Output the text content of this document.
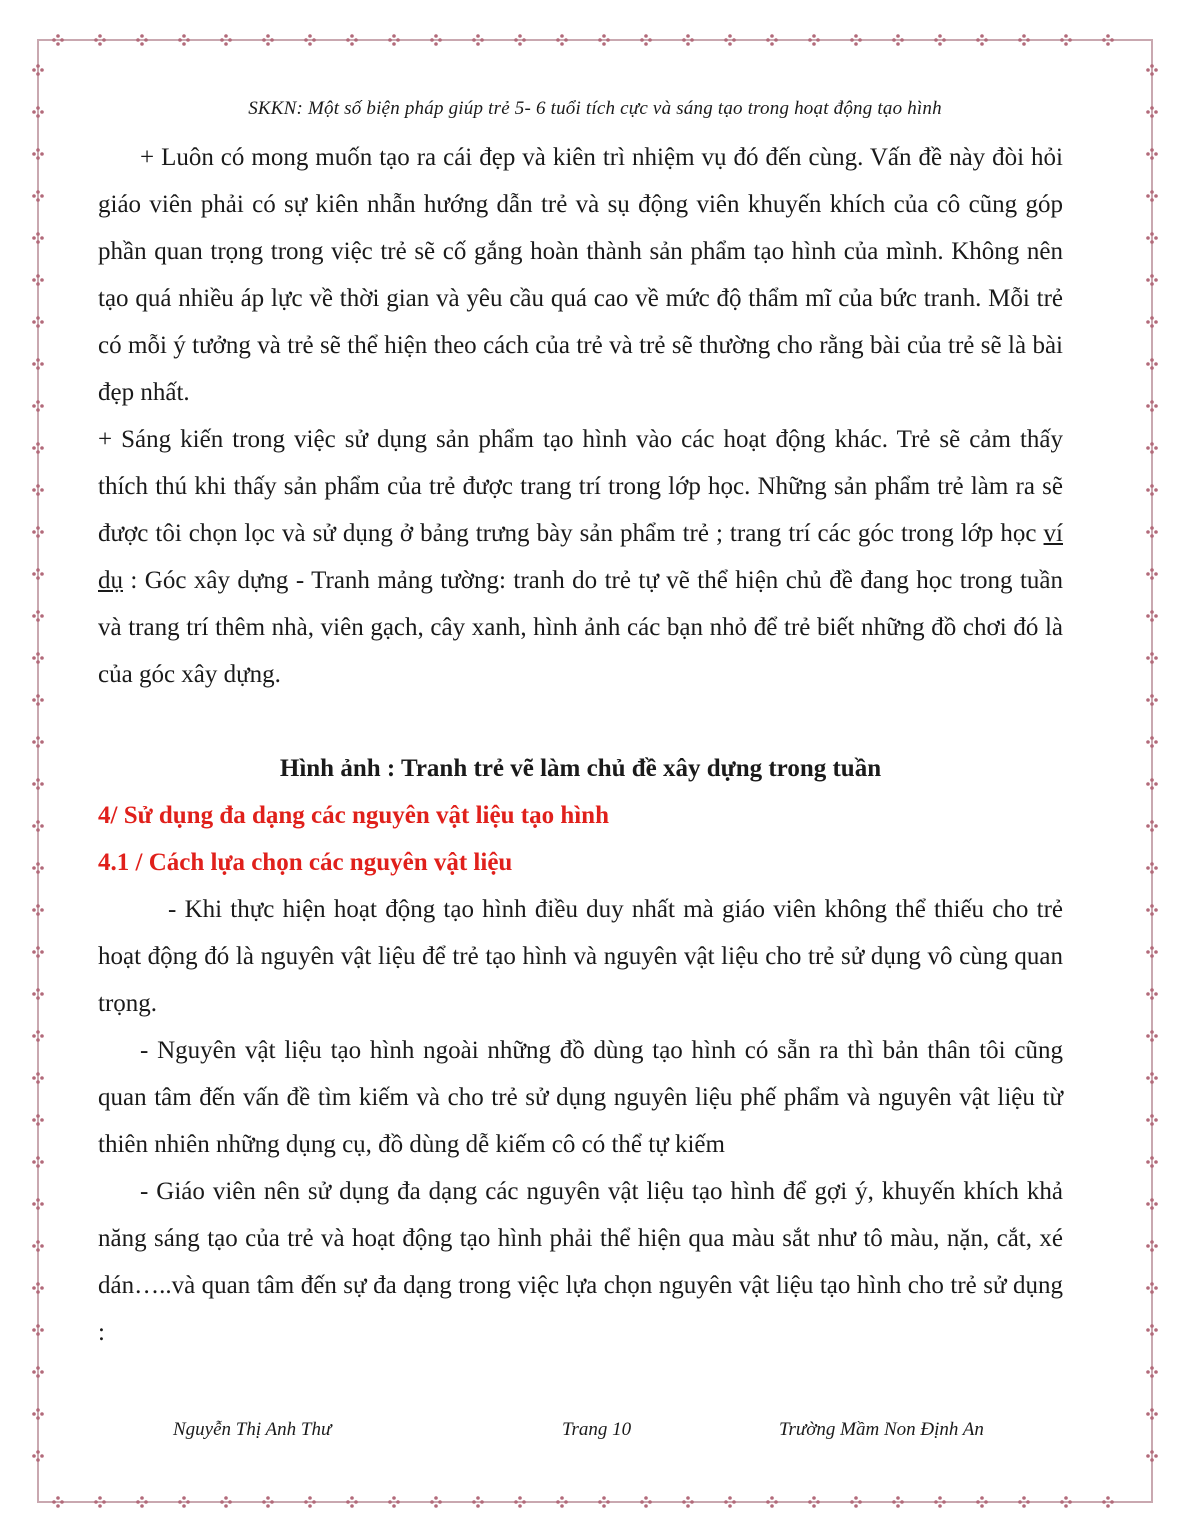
SKKN: Một số biện pháp giúp trẻ 5- 6 tuổi tích cực và sáng tạo trong hoạt động tạo hình

+ Luôn có mong muốn tạo ra cái đẹp và kiên trì nhiệm vụ đó đến cùng. Vấn đề này đòi hỏi giáo viên phải có sự kiên nhẫn hướng dẫn trẻ và sụ động viên khuyến khích của cô cũng góp phần quan trọng trong việc trẻ sẽ cố gắng hoàn thành sản phẩm tạo hình của mình. Không nên tạo quá nhiều áp lực về thời gian và yêu cầu quá cao về mức độ thẩm mĩ của bức tranh. Mỗi trẻ có mỗi ý tưởng và trẻ sẽ thể hiện theo cách của trẻ và trẻ sẽ thường cho rằng bài của trẻ sẽ là bài đẹp nhất.

+ Sáng kiến trong việc sử dụng sản phẩm tạo hình vào các hoạt động khác. Trẻ sẽ cảm thấy thích thú khi thấy sản phẩm của trẻ được trang trí trong lớp học. Những sản phẩm trẻ làm ra sẽ được tôi chọn lọc và sử dụng ở bảng trưng bày sản phẩm trẻ ; trang trí các góc trong lớp học ví dụ : Góc xây dựng - Tranh mảng tường: tranh do trẻ tự vẽ thể hiện chủ đề đang học trong tuần và trang trí thêm nhà, viên gạch, cây xanh, hình ảnh các bạn nhỏ để trẻ biết những đồ chơi đó là của góc xây dựng.

Hình ảnh : Tranh trẻ vẽ làm chủ đề xây dựng trong tuần

4/ Sử dụng đa dạng các nguyên vật liệu tạo hình

4.1 / Cách lựa chọn các nguyên vật liệu

- Khi thực hiện hoạt động tạo hình điều duy nhất mà giáo viên không thể thiếu cho trẻ hoạt động đó là nguyên vật liệu để trẻ tạo hình và nguyên vật liệu cho trẻ sử dụng vô cùng quan trọng.

- Nguyên vật liệu tạo hình ngoài những đồ dùng tạo hình có sẵn ra thì bản thân tôi cũng quan tâm đến vấn đề tìm kiếm và cho trẻ sử dụng nguyên liệu phế phẩm và nguyên vật liệu từ thiên nhiên những dụng cụ, đồ dùng dễ kiếm cô có thể tự kiếm

- Giáo viên nên sử dụng đa dạng các nguyên vật liệu tạo hình để gợi ý, khuyến khích khả năng sáng tạo của trẻ và hoạt động tạo hình phải thể hiện qua màu sắt như tô màu, nặn, cắt, xé dán…..và quan tâm đến sự đa dạng trong việc lựa chọn nguyên vật liệu tạo hình cho trẻ sử dụng :

Nguyễn Thị Anh Thư	Trang 10	Trường Mầm Non Định An
